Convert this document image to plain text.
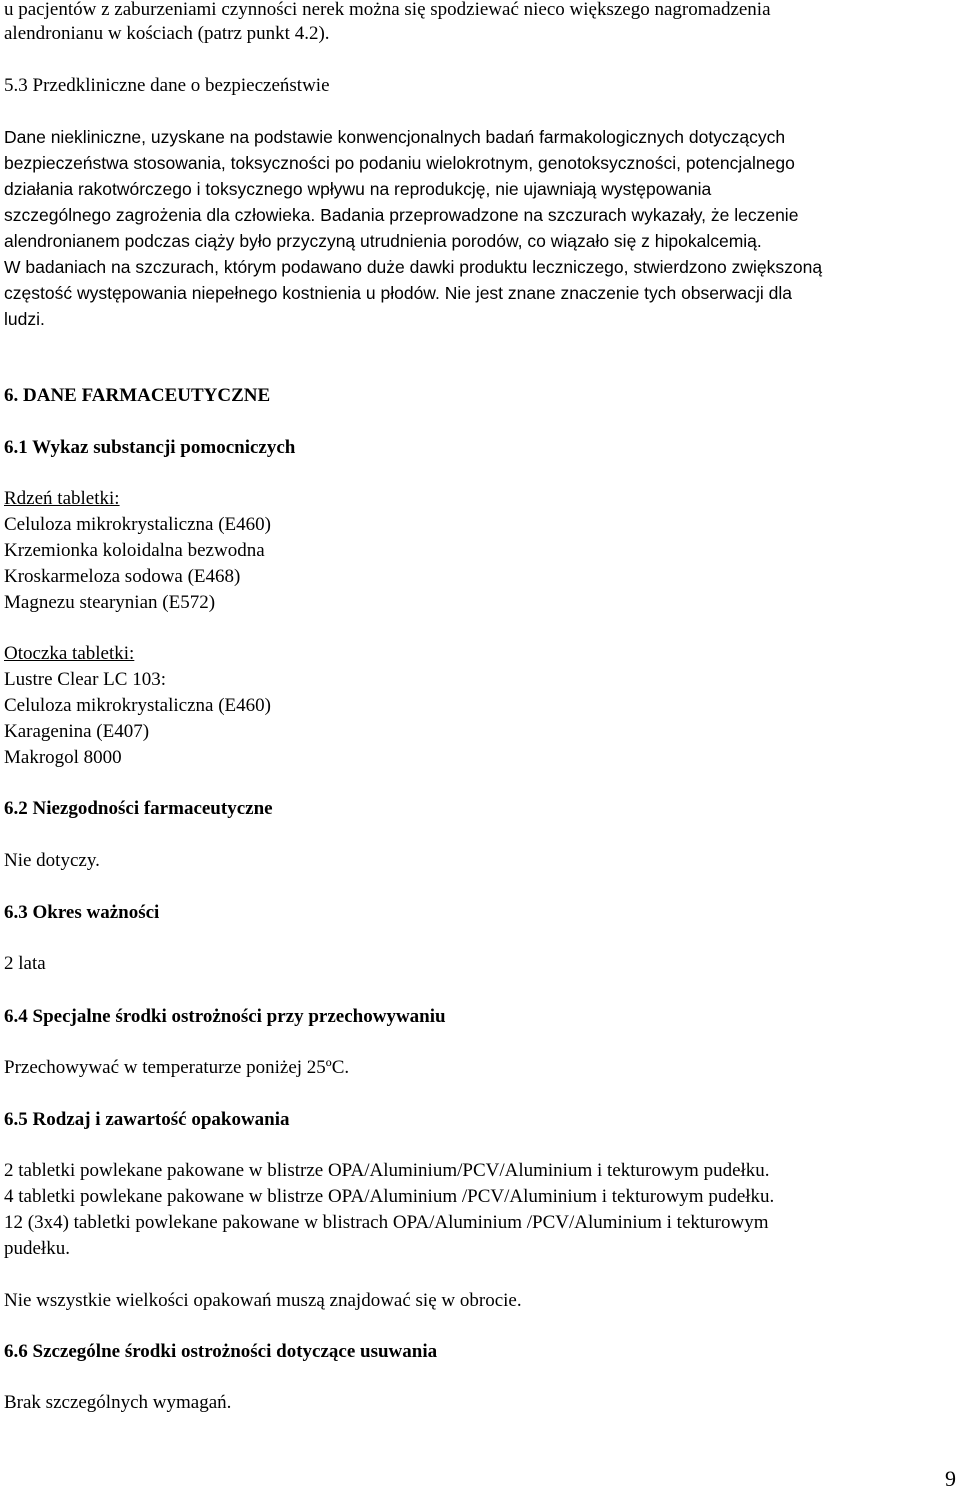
u pacjentów z zaburzeniami czynności nerek można się spodziewać nieco większego nagromadzenia
alendronianu w kościach (patrz punkt 4.2).
5.3 Przedkliniczne dane o bezpieczeństwie
Dane niekliniczne, uzyskane na podstawie konwencjonalnych badań farmakologicznych dotyczących
bezpieczeństwa stosowania, toksyczności po podaniu wielokrotnym, genotoksyczności, potencjalnego
działania rakotwórczego i toksycznego wpływu na reprodukcję, nie ujawniają występowania
szczególnego zagrożenia dla człowieka. Badania przeprowadzone na szczurach wykazały, że leczenie
alendronianem podczas ciąży było przyczyną utrudnienia porodów, co wiązało się z hipokalcemią.
W badaniach na szczurach, którym podawano duże dawki produktu leczniczego, stwierdzono zwiększoną
częstość występowania niepełnego kostnienia u płodów. Nie jest znane znaczenie tych obserwacji dla
ludzi.
6. DANE FARMACEUTYCZNE
6.1 Wykaz substancji pomocniczych
Rdzeń tabletki:
Celuloza mikrokrystaliczna (E460)
Krzemionka koloidalna bezwodna
Kroskarmeloza sodowa (E468)
Magnezu stearynian (E572)
Otoczka tabletki:
Lustre Clear LC 103:
Celuloza mikrokrystaliczna (E460)
Karagenina (E407)
Makrogol 8000
6.2 Niezgodności farmaceutyczne
Nie dotyczy.
6.3 Okres ważności
2 lata
6.4 Specjalne środki ostrożności przy przechowywaniu
Przechowywać w temperaturze poniżej 25ºC.
6.5 Rodzaj i zawartość opakowania
2 tabletki powlekane pakowane w blistrze OPA/Aluminium/PCV/Aluminium i tekturowym pudełku.
4 tabletki powlekane pakowane w blistrze OPA/Aluminium /PCV/Aluminium i tekturowym pudełku.
12 (3x4) tabletki powlekane pakowane w blistrach OPA/Aluminium /PCV/Aluminium i tekturowym
pudełku.
Nie wszystkie wielkości opakowań muszą znajdować się w obrocie.
6.6 Szczególne środki ostrożności dotyczące usuwania
Brak szczególnych wymagań.
9
